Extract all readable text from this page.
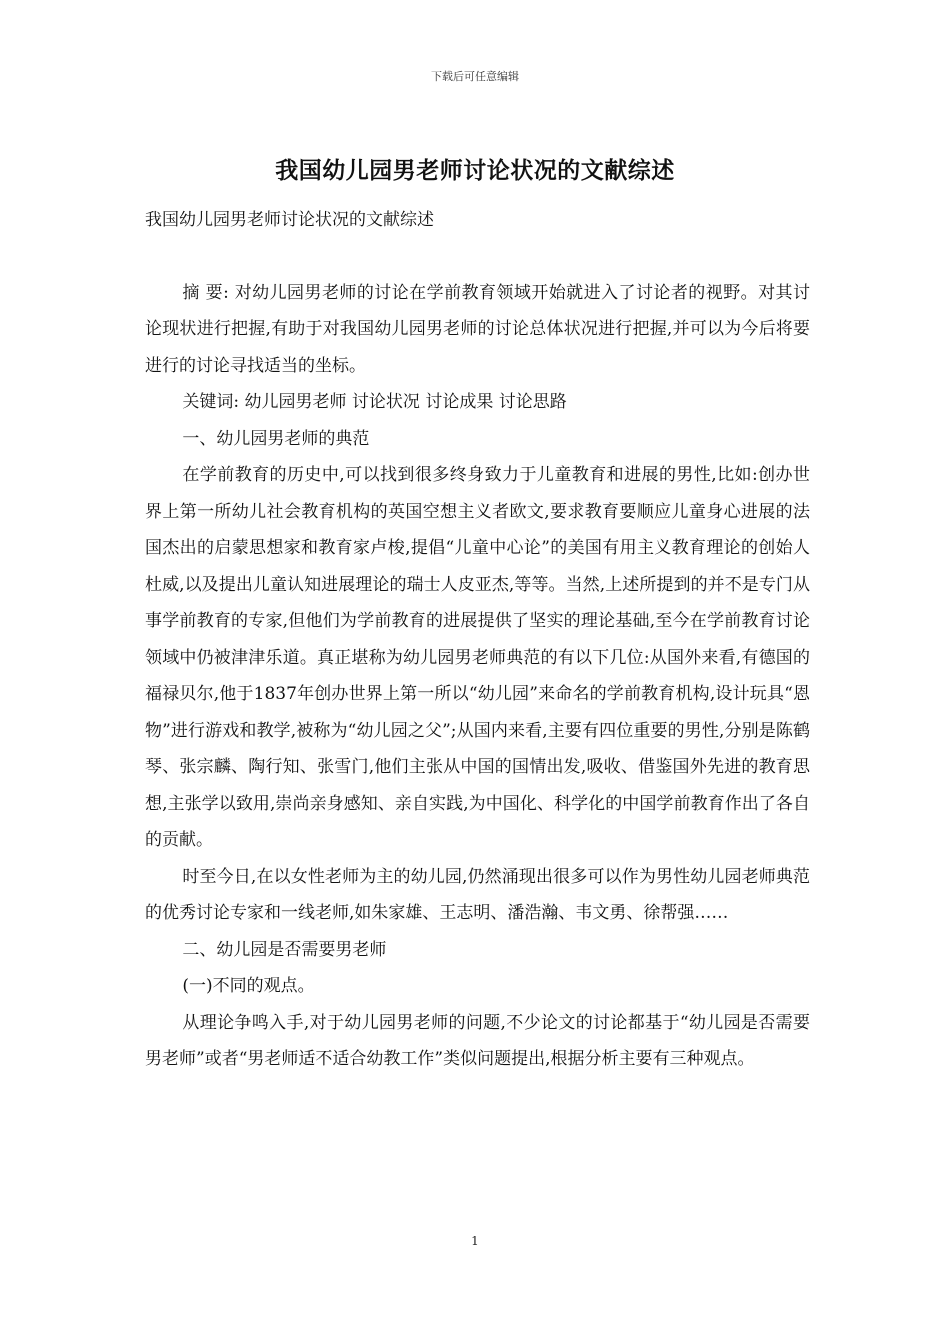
下载后可任意编辑
我国幼儿园男老师讨论状况的文献综述

我国幼儿园男老师讨论状况的文献综述

摘 要: 对幼儿园男老师的讨论在学前教育领域开始就进入了讨论者的视野。对其讨论现状进行把握,有助于对我国幼儿园男老师的讨论总体状况进行把握,并可以为今后将要进行的讨论寻找适当的坐标。

关键词: 幼儿园男老师 讨论状况 讨论成果 讨论思路

一、幼儿园男老师的典范

在学前教育的历史中,可以找到很多终身致力于儿童教育和进展的男性,比如:创办世界上第一所幼儿社会教育机构的英国空想主义者欧文,要求教育要顺应儿童身心进展的法国杰出的启蒙思想家和教育家卢梭,提倡“儿童中心论”的美国有用主义教育理论的创始人杜威,以及提出儿童认知进展理论的瑞士人皮亚杰,等等。当然,上述所提到的并不是专门从事学前教育的专家,但他们为学前教育的进展提供了坚实的理论基础,至今在学前教育讨论领域中仍被津津乐道。真正堪称为幼儿园男老师典范的有以下几位:从国外来看,有德国的福禄贝尔,他于1837年创办世界上第一所以“幼儿园”来命名的学前教育机构,设计玩具“恩物”进行游戏和教学,被称为“幼儿园之父”;从国内来看,主要有四位重要的男性,分别是陈鹤琴、张宗麟、陶行知、张雪门,他们主张从中国的国情出发,吸收、借鉴国外先进的教育思想,主张学以致用,崇尚亲身感知、亲自实践,为中国化、科学化的中国学前教育作出了各自的贡献。

时至今日,在以女性老师为主的幼儿园,仍然涌现出很多可以作为男性幼儿园老师典范的优秀讨论专家和一线老师,如朱家雄、王志明、潘浩瀚、韦文勇、徐帮强……

二、幼儿园是否需要男老师

(一)不同的观点。

从理论争鸣入手,对于幼儿园男老师的问题,不少论文的讨论都基于“幼儿园是否需要男老师”或者“男老师适不适合幼教工作”类似问题提出,根据分析主要有三种观点。

1
